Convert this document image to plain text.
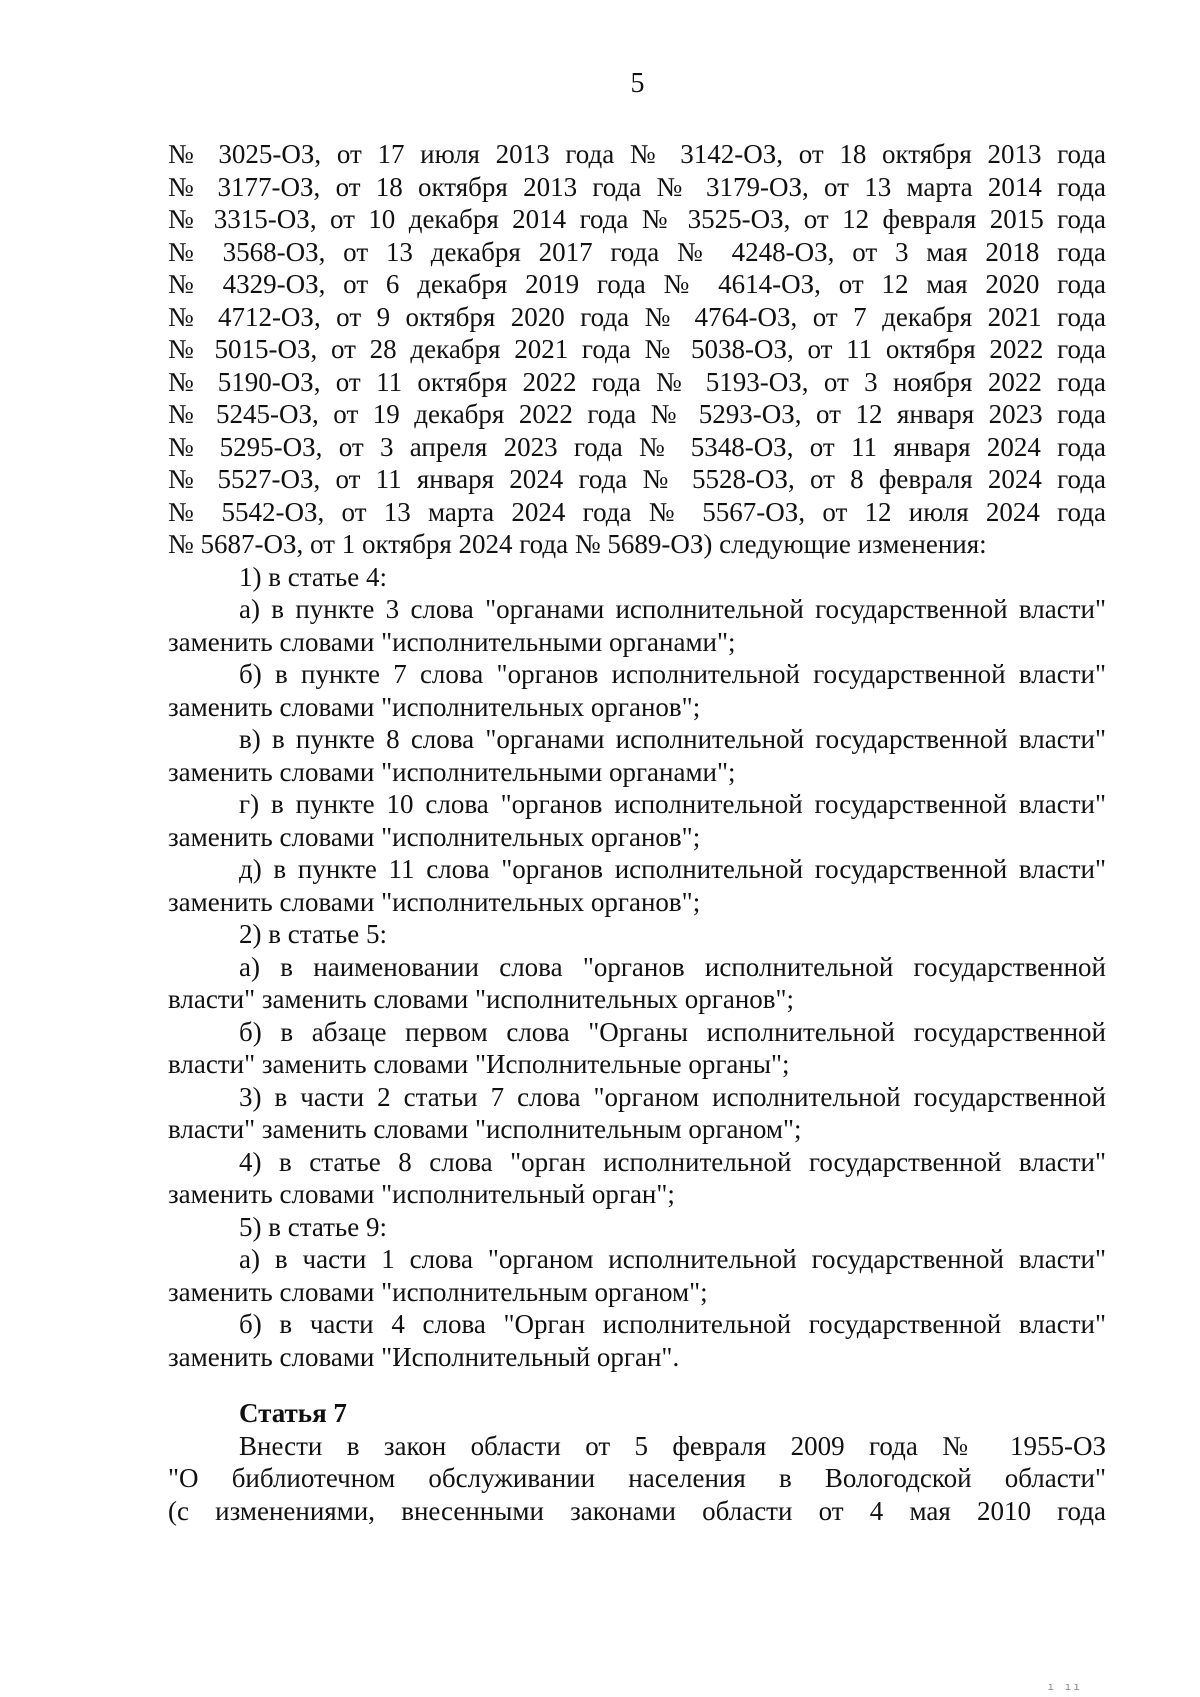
5
№ 3025-ОЗ, от 17 июля 2013 года № 3142-ОЗ, от 18 октября 2013 года
№ 3177-ОЗ, от 18 октября 2013 года № 3179-ОЗ, от 13 марта 2014 года
№ 3315-ОЗ, от 10 декабря 2014 года № 3525-ОЗ, от 12 февраля 2015 года
№ 3568-ОЗ, от 13 декабря 2017 года № 4248-ОЗ, от 3 мая 2018 года
№ 4329-ОЗ, от 6 декабря 2019 года № 4614-ОЗ, от 12 мая 2020 года
№ 4712-ОЗ, от 9 октября 2020 года № 4764-ОЗ, от 7 декабря 2021 года
№ 5015-ОЗ, от 28 декабря 2021 года № 5038-ОЗ, от 11 октября 2022 года
№ 5190-ОЗ, от 11 октября 2022 года № 5193-ОЗ, от 3 ноября 2022 года
№ 5245-ОЗ, от 19 декабря 2022 года № 5293-ОЗ, от 12 января 2023 года
№ 5295-ОЗ, от 3 апреля 2023 года № 5348-ОЗ, от 11 января 2024 года
№ 5527-ОЗ, от 11 января 2024 года № 5528-ОЗ, от 8 февраля 2024 года
№ 5542-ОЗ, от 13 марта 2024 года № 5567-ОЗ, от 12 июля 2024 года
№ 5687-ОЗ, от 1 октября 2024 года № 5689-ОЗ) следующие изменения:
1) в статье 4:
а) в пункте 3 слова "органами исполнительной государственной власти"
заменить словами "исполнительными органами";
б) в пункте 7 слова "органов исполнительной государственной власти"
заменить словами "исполнительных органов";
в) в пункте 8 слова "органами исполнительной государственной власти"
заменить словами "исполнительными органами";
г) в пункте 10 слова "органов исполнительной государственной власти"
заменить словами "исполнительных органов";
д) в пункте 11 слова "органов исполнительной государственной власти"
заменить словами "исполнительных органов";
2) в статье 5:
а) в наименовании слова "органов исполнительной государственной
власти" заменить словами "исполнительных органов";
б) в абзаце первом слова "Органы исполнительной государственной
власти" заменить словами "Исполнительные органы";
3) в части 2 статьи 7 слова "органом исполнительной государственной
власти" заменить словами "исполнительным органом";
4) в статье 8 слова "орган исполнительной государственной власти"
заменить словами "исполнительный орган";
5) в статье 9:
а) в части 1 слова "органом исполнительной государственной власти"
заменить словами "исполнительным органом";
б) в части 4 слова "Орган исполнительной государственной власти"
заменить словами "Исполнительный орган".
Статья 7
Внести в закон области от 5 февраля 2009 года № 1955-ОЗ
"О библиотечном обслуживании населения в Вологодской области"
(с изменениями, внесенными законами области от 4 мая 2010 года
ı ıı
